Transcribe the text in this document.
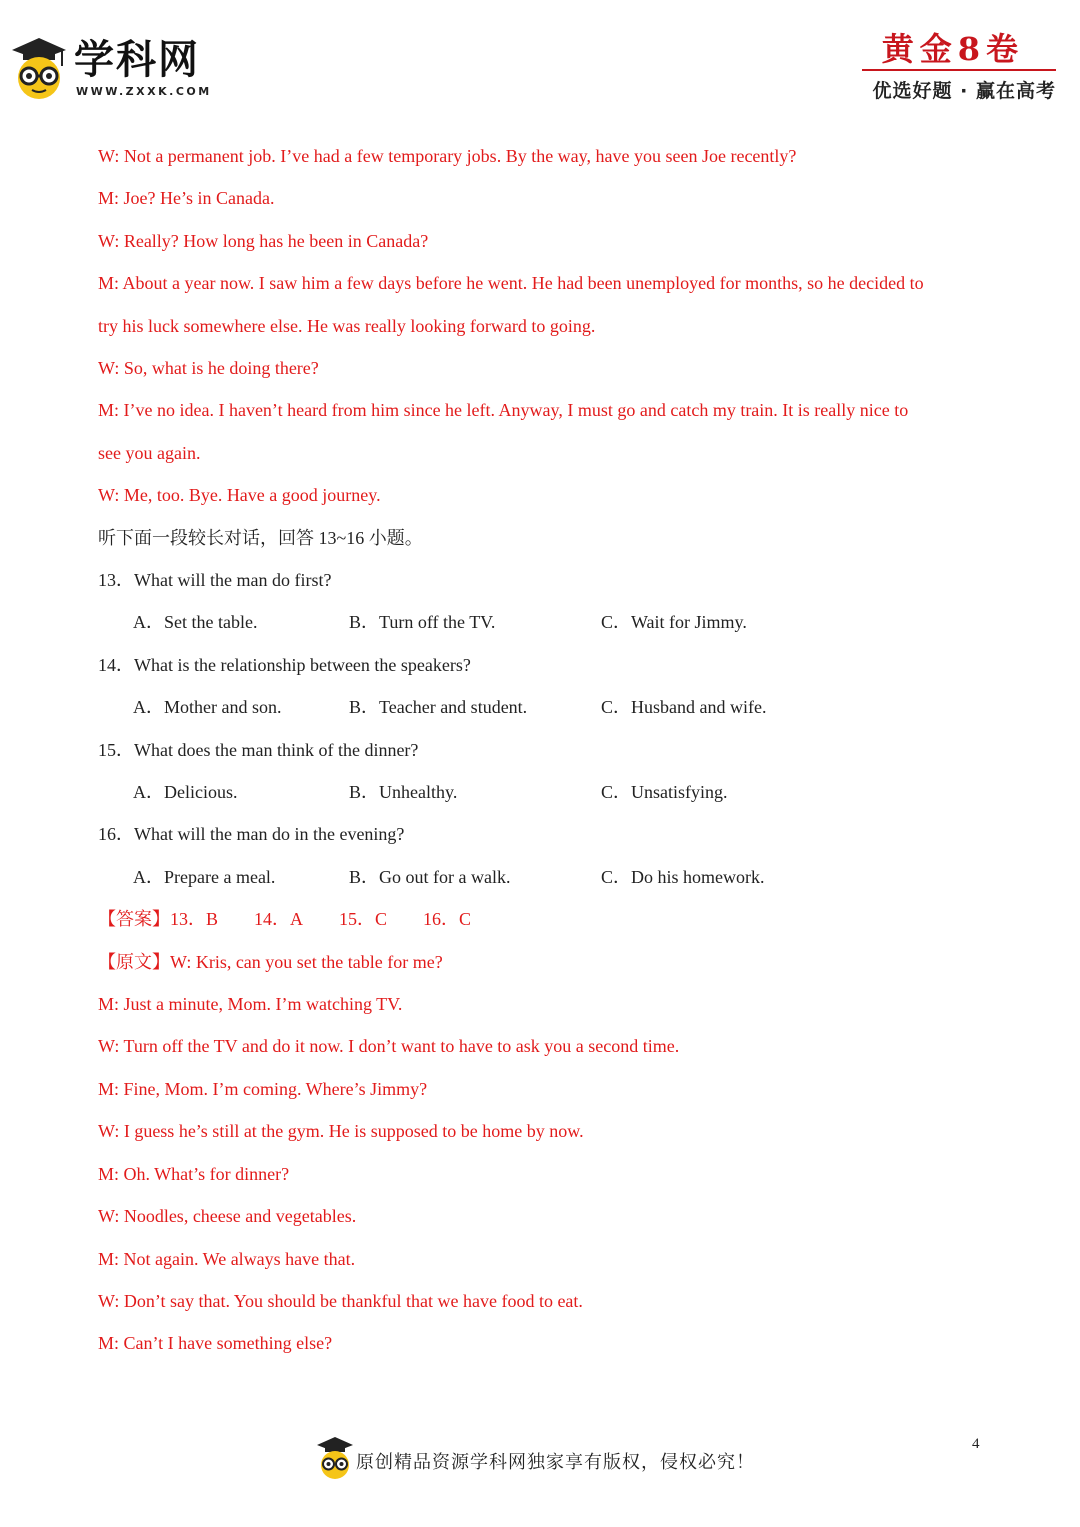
学科网
WWW.ZXXK.COM
黄金8卷
优选好题 · 赢在高考
W: Not a permanent job. I’ve had a few temporary jobs. By the way, have you seen Joe recently?
M: Joe? He’s in Canada.
W: Really? How long has he been in Canada?
M: About a year now. I saw him a few days before he went. He had been unemployed for months, so he decided to
try his luck somewhere else. He was really looking forward to going.
W: So, what is he doing there?
M: I’ve no idea. I haven’t heard from him since he left. Anyway, I must go and catch my train. It is really nice to
see you again.
W: Me, too. Bye. Have a good journey.
听下面一段较长对话，回答 13~16 小题。
13．What will the man do first?
A．Set the table.	B．Turn off the TV.	C．Wait for Jimmy.
14．What is the relationship between the speakers?
A．Mother and son.	B．Teacher and student.	C．Husband and wife.
15．What does the man think of the dinner?
A．Delicious.	B．Unhealthy.	C．Unsatisfying.
16．What will the man do in the evening?
A．Prepare a meal.	B．Go out for a walk.	C．Do his homework.
【答案】13．B 14．A 15．C 16．C
【原文】W: Kris, can you set the table for me?
M: Just a minute, Mom. I’m watching TV.
W: Turn off the TV and do it now. I don’t want to have to ask you a second time.
M: Fine, Mom. I’m coming. Where’s Jimmy?
W: I guess he’s still at the gym. He is supposed to be home by now.
M: Oh. What’s for dinner?
W: Noodles, cheese and vegetables.
M: Not again. We always have that.
W: Don’t say that. You should be thankful that we have food to eat.
M: Can’t I have something else?
原创精品资源学科网独家享有版权，侵权必究！
4
